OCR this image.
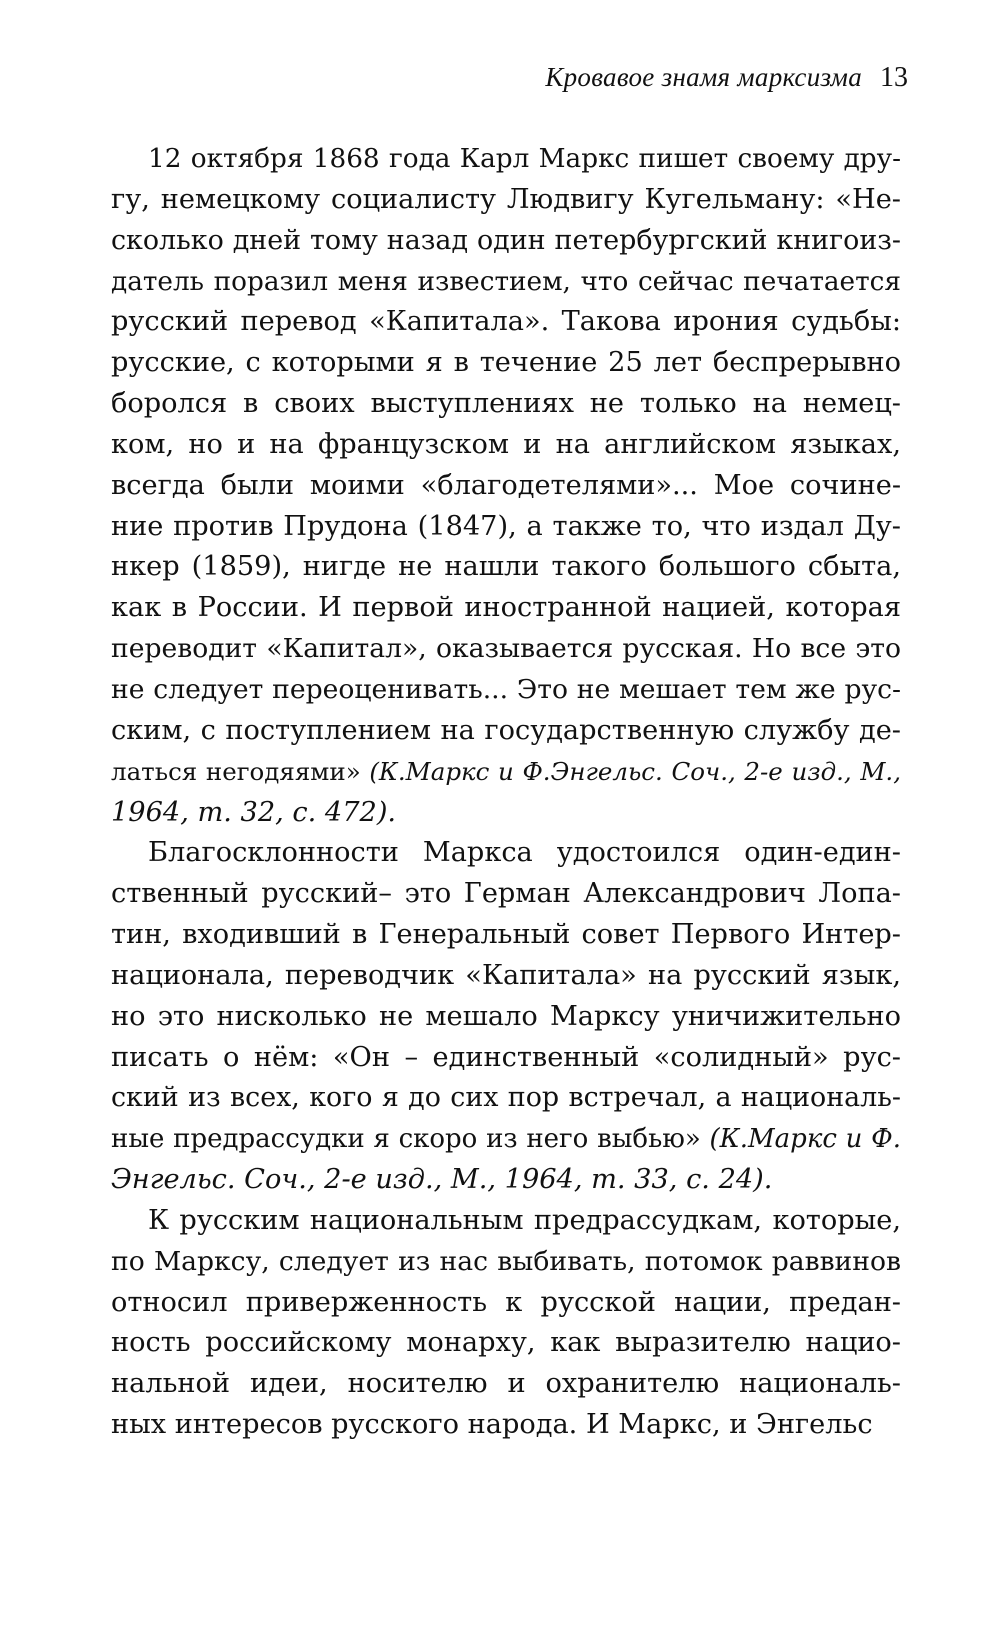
Кровавое знамя марксизма 13
12 октября 1868 года Карл Маркс пишет своему дру-
гу, немецкому социалисту Людвигу Кугельману: «Не-
сколько дней тому назад один петербургский книгоиз-
датель поразил меня известием, что сейчас печатается
русский перевод «Капитала». Такова ирония судьбы:
русские, с которыми я в течение 25 лет беспрерывно
боролся в своих выступлениях не только на немец-
ком, но и на французском и на английском языках,
всегда были моими «благодетелями»... Мое сочине-
ние против Прудона (1847), а также то, что издал Ду-
нкер (1859), нигде не нашли такого большого сбыта,
как в России. И первой иностранной нацией, которая
переводит «Капитал», оказывается русская. Но все это
не следует переоценивать... Это не мешает тем же рус-
ским, с поступлением на государственную службу де-
латься негодяями» (К.Маркс и Ф.Энгельс. Соч., 2-е изд., М.,
1964, т. 32, с. 472).
Благосклонности Маркса удостоился один-един-
ственный русский– это Герман Александрович Лопа-
тин, входивший в Генеральный совет Первого Интер-
национала, переводчик «Капитала» на русский язык,
но это нисколько не мешало Марксу уничижительно
писать о нём: «Он – единственный «солидный» рус-
ский из всех, кого я до сих пор встречал, а националь-
ные предрассудки я скоро из него выбью» (К.Маркс и Ф.
Энгельс. Соч., 2-е изд., М., 1964, т. 33, с. 24).
К русским национальным предрассудкам, которые,
по Марксу, следует из нас выбивать, потомок раввинов
относил приверженность к русской нации, предан-
ность российскому монарху, как выразителю нацио-
нальной идеи, носителю и охранителю националь-
ных интересов русского народа. И Маркс, и Энгельс
